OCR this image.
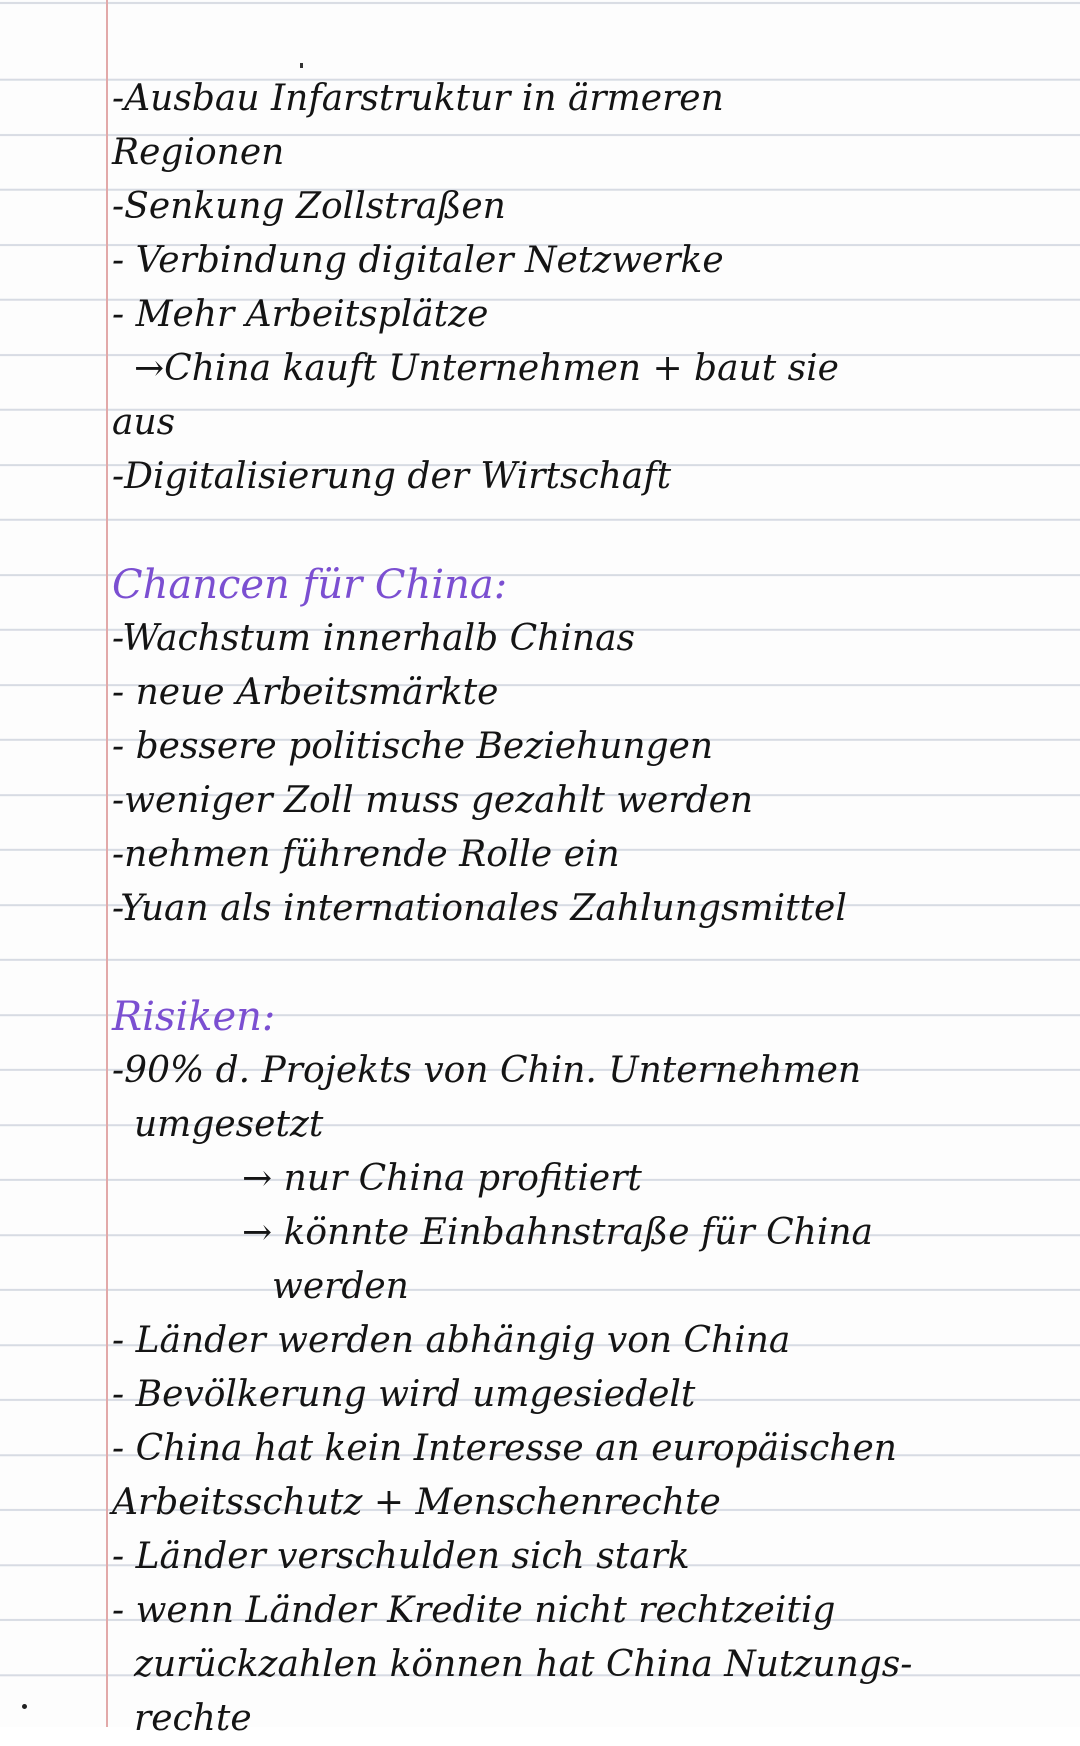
-Ausbau Infarstruktur in ärmeren
Regionen
-Senkung Zollstraßen
- Verbindung digitaler Netzwerke
- Mehr Arbeitsplätze
→China kauft Unternehmen + baut sie
aus
-Digitalisierung der Wirtschaft
Chancen für China:
-Wachstum innerhalb Chinas
- neue Arbeitsmärkte
- bessere politische Beziehungen
-weniger Zoll muss gezahlt werden
-nehmen führende Rolle ein
-Yuan als internationales Zahlungsmittel
Risiken:
-90% d. Projekts von Chin. Unternehmen
umgesetzt
→ nur China profitiert
→ könnte Einbahnstraße für China
werden
- Länder werden abhängig von China
- Bevölkerung wird umgesiedelt
- China hat kein Interesse an europäischen
Arbeitsschutz + Menschenrechte
- Länder verschulden sich stark
- wenn Länder Kredite nicht rechtzeitig
zurückzahlen können hat China Nutzungs-
rechte
